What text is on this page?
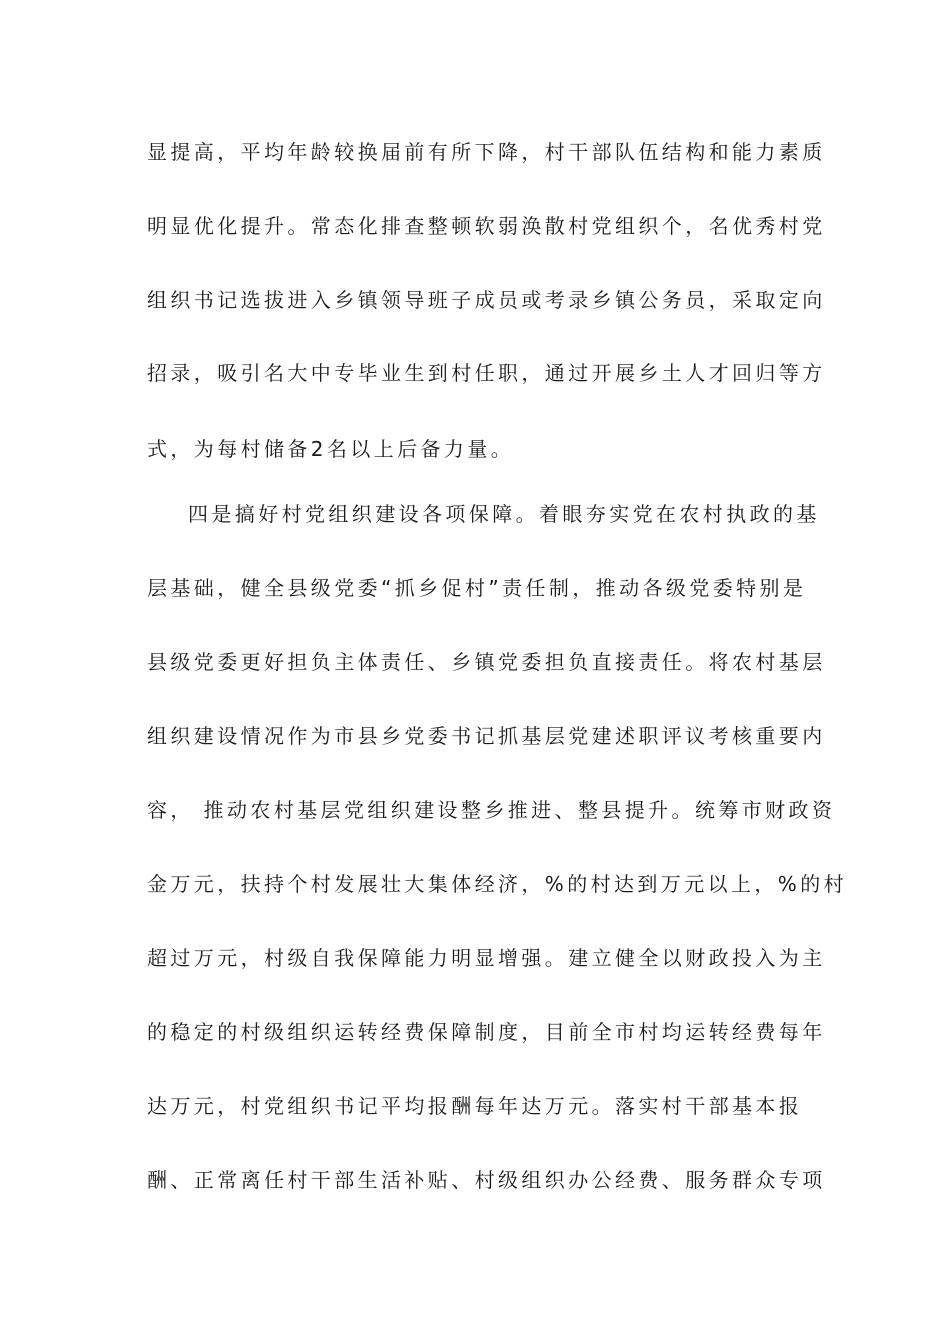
显提高，平均年龄较换届前有所下降，村干部队伍结构和能力素质
明显优化提升。常态化排查整顿软弱涣散村党组织个，名优秀村党
组织书记选拔进入乡镇领导班子成员或考录乡镇公务员，采取定向
招录，吸引名大中专毕业生到村任职，通过开展乡土人才回归等方
式，为每村储备2名以上后备力量。
四是搞好村党组织建设各项保障。着眼夯实党在农村执政的基
层基础，健全县级党委“抓乡促村”责任制，推动各级党委特别是
县级党委更好担负主体责任、乡镇党委担负直接责任。将农村基层
组织建设情况作为市县乡党委书记抓基层党建述职评议考核重要内
容， 推动农村基层党组织建设整乡推进、整县提升。统筹市财政资
金万元，扶持个村发展壮大集体经济，%的村达到万元以上，%的村
超过万元，村级自我保障能力明显增强。建立健全以财政投入为主
的稳定的村级组织运转经费保障制度，目前全市村均运转经费每年
达万元，村党组织书记平均报酬每年达万元。落实村干部基本报
酬、正常离任村干部生活补贴、村级组织办公经费、服务群众专项
